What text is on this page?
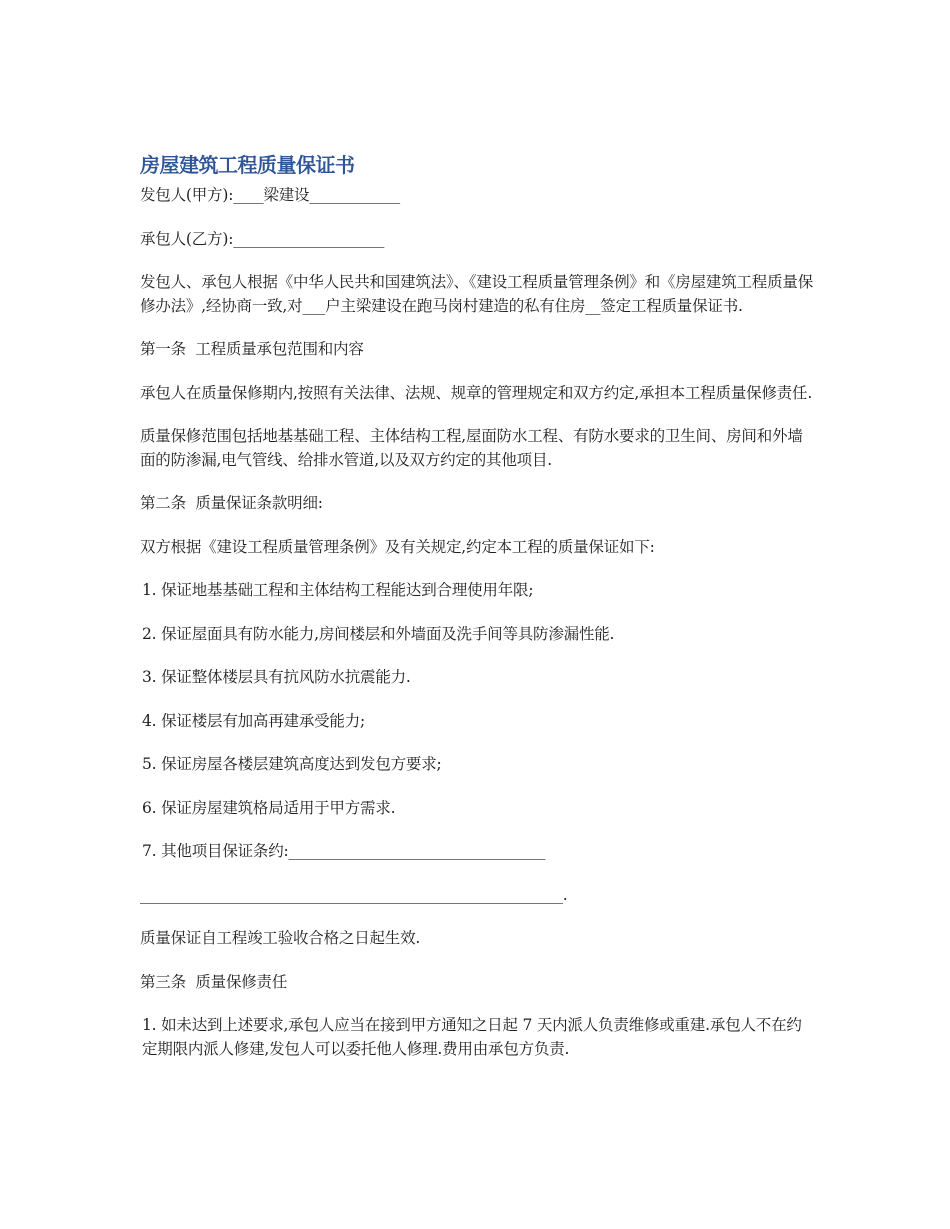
房屋建筑工程质量保证书

发包人(甲方):____梁建设____________

承包人(乙方):____________________

发包人、承包人根据《中华人民共和国建筑法》、《建设工程质量管理条例》和《房屋建筑工程质量保修办法》,经协商一致,对___户主梁建设在跑马岗村建造的私有住房__签定工程质量保证书.

第一条  工程质量承包范围和内容

承包人在质量保修期内,按照有关法律、法规、规章的管理规定和双方约定,承担本工程质量保修责任.

质量保修范围包括地基基础工程、主体结构工程,屋面防水工程、有防水要求的卫生间、房间和外墙面的防渗漏,电气管线、给排水管道,以及双方约定的其他项目.

第二条  质量保证条款明细:

双方根据《建设工程质量管理条例》及有关规定,约定本工程的质量保证如下:

1. 保证地基基础工程和主体结构工程能达到合理使用年限;

2. 保证屋面具有防水能力,房间楼层和外墙面及洗手间等具防渗漏性能.

3. 保证整体楼层具有抗风防水抗震能力.

4. 保证楼层有加高再建承受能力;

5. 保证房屋各楼层建筑高度达到发包方要求;

6. 保证房屋建筑格局适用于甲方需求.

7. 其他项目保证条约:__________________________________

________________________________________________________.

质量保证自工程竣工验收合格之日起生效.

第三条  质量保修责任

1. 如未达到上述要求,承包人应当在接到甲方通知之日起 7 天内派人负责维修或重建.承包人不在约定期限内派人修建,发包人可以委托他人修理.费用由承包方负责.
